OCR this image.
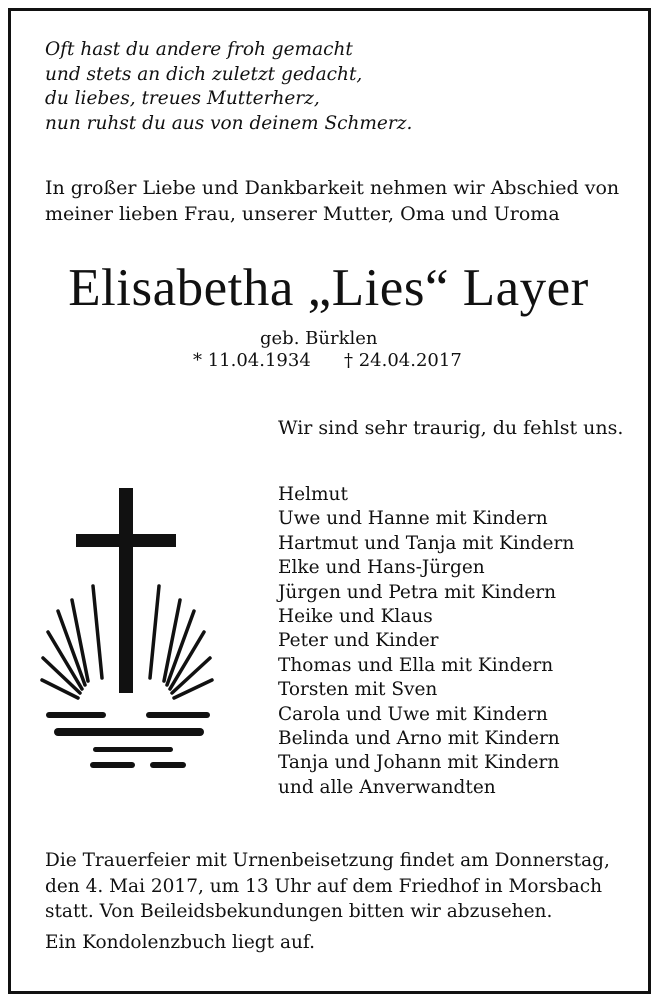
Oft hast du andere froh gemacht
und stets an dich zuletzt gedacht,
du liebes, treues Mutterherz,
nun ruhst du aus von deinem Schmerz.
In großer Liebe und Dankbarkeit nehmen wir Abschied von
meiner lieben Frau, unserer Mutter, Oma und Uroma
Elisabetha „Lies“ Layer
geb. Bürklen
* 11.04.1934 † 24.04.2017
Wir sind sehr traurig, du fehlst uns.
Helmut
Uwe und Hanne mit Kindern
Hartmut und Tanja mit Kindern
Elke und Hans-Jürgen
Jürgen und Petra mit Kindern
Heike und Klaus
Peter und Kinder
Thomas und Ella mit Kindern
Torsten mit Sven
Carola und Uwe mit Kindern
Belinda und Arno mit Kindern
Tanja und Johann mit Kindern
und alle Anverwandten
Die Trauerfeier mit Urnenbeisetzung findet am Donnerstag,
den 4. Mai 2017, um 13 Uhr auf dem Friedhof in Morsbach
statt. Von Beileidsbekundungen bitten wir abzusehen.
Ein Kondolenzbuch liegt auf.
